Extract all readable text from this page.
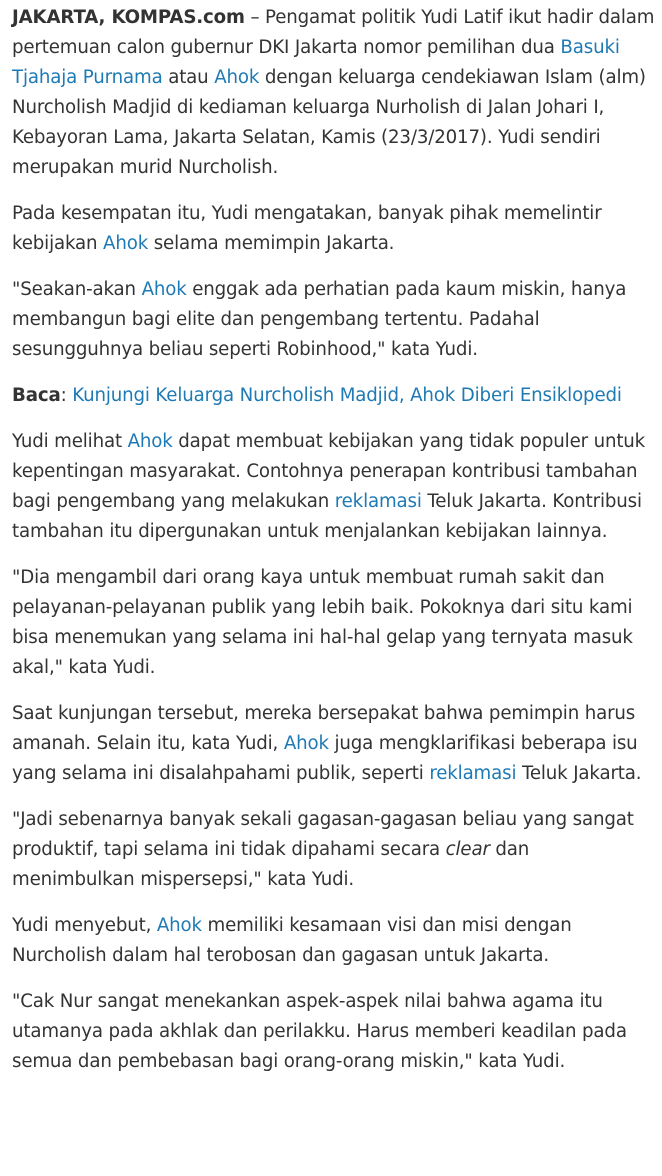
JAKARTA, KOMPAS.com – Pengamat politik Yudi Latif ikut hadir dalam pertemuan calon gubernur DKI Jakarta nomor pemilihan dua Basuki Tjahaja Purnama atau Ahok dengan keluarga cendekiawan Islam (alm) Nurcholish Madjid di kediaman keluarga Nurholish di Jalan Johari I, Kebayoran Lama, Jakarta Selatan, Kamis (23/3/2017). Yudi sendiri merupakan murid Nurcholish.

Pada kesempatan itu, Yudi mengatakan, banyak pihak memelintir kebijakan Ahok selama memimpin Jakarta.

"Seakan-akan Ahok enggak ada perhatian pada kaum miskin, hanya membangun bagi elite dan pengembang tertentu. Padahal sesungguhnya beliau seperti Robinhood," kata Yudi.

Baca: Kunjungi Keluarga Nurcholish Madjid, Ahok Diberi Ensiklopedi

Yudi melihat Ahok dapat membuat kebijakan yang tidak populer untuk kepentingan masyarakat. Contohnya penerapan kontribusi tambahan bagi pengembang yang melakukan reklamasi Teluk Jakarta. Kontribusi tambahan itu dipergunakan untuk menjalankan kebijakan lainnya.

"Dia mengambil dari orang kaya untuk membuat rumah sakit dan pelayanan-pelayanan publik yang lebih baik. Pokoknya dari situ kami bisa menemukan yang selama ini hal-hal gelap yang ternyata masuk akal," kata Yudi.

Saat kunjungan tersebut, mereka bersepakat bahwa pemimpin harus amanah. Selain itu, kata Yudi, Ahok juga mengklarifikasi beberapa isu yang selama ini disalahpahami publik, seperti reklamasi Teluk Jakarta.

"Jadi sebenarnya banyak sekali gagasan-gagasan beliau yang sangat produktif, tapi selama ini tidak dipahami secara clear dan menimbulkan mispersepsi," kata Yudi.

Yudi menyebut, Ahok memiliki kesamaan visi dan misi dengan Nurcholish dalam hal terobosan dan gagasan untuk Jakarta.

"Cak Nur sangat menekankan aspek-aspek nilai bahwa agama itu utamanya pada akhlak dan perilakku. Harus memberi keadilan pada semua dan pembebasan bagi orang-orang miskin," kata Yudi.
